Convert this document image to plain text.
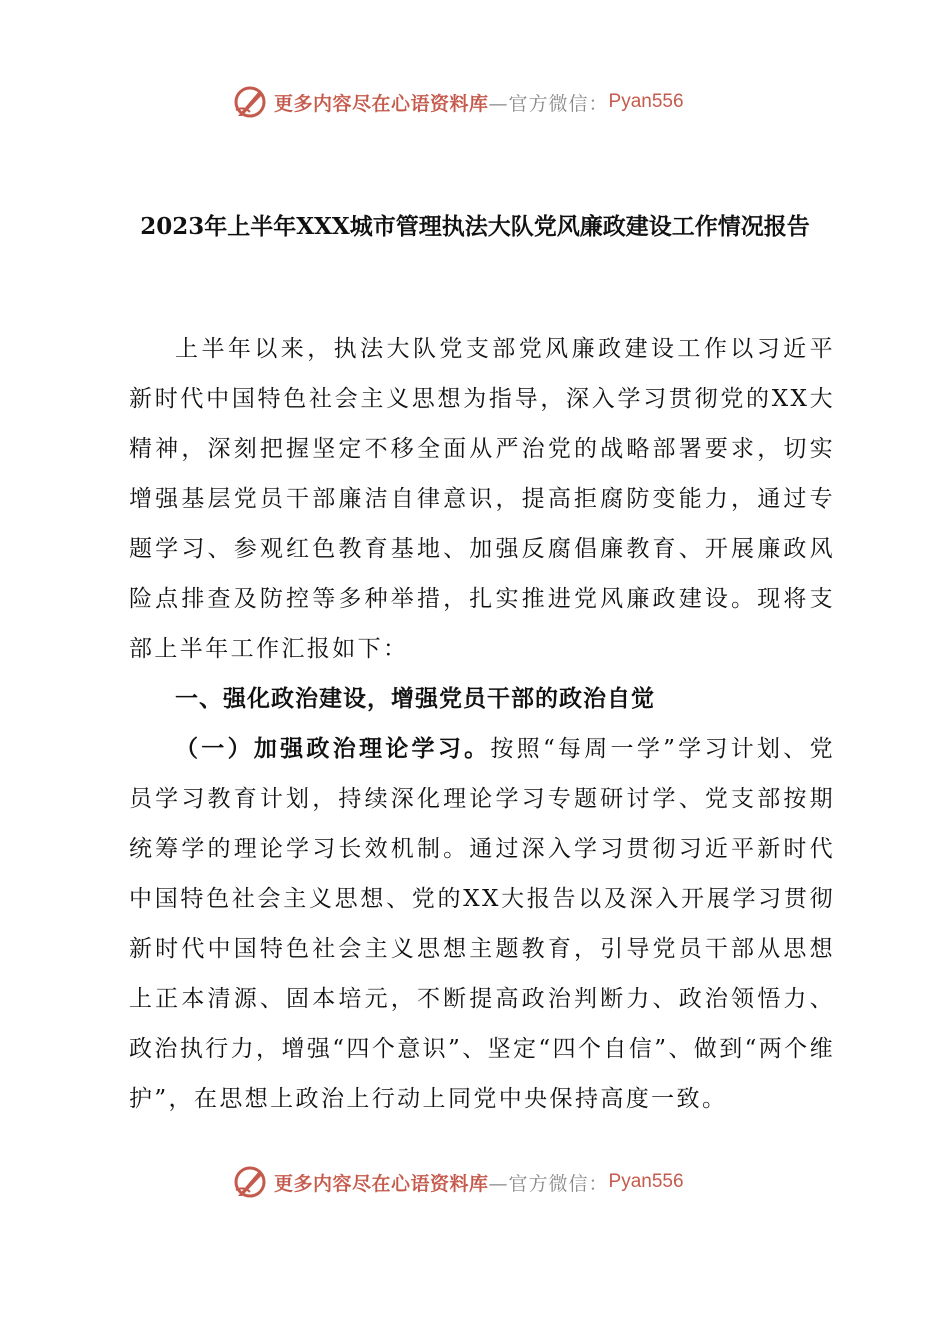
更多内容尽在心语资料库 —官方微信： Pyan556
2023年上半年XXX城市管理执法大队党风廉政建设工作情况报告

上半年以来，执法大队党支部党风廉政建设工作以习近平新时代中国特色社会主义思想为指导，深入学习贯彻党的XX大精神，深刻把握坚定不移全面从严治党的战略部署要求，切实增强基层党员干部廉洁自律意识，提高拒腐防变能力，通过专题学习、参观红色教育基地、加强反腐倡廉教育、开展廉政风险点排查及防控等多种举措，扎实推进党风廉政建设。现将支部上半年工作汇报如下：

一、强化政治建设，增强党员干部的政治自觉

（一）加强政治理论学习。按照“每周一学”学习计划、党员学习教育计划，持续深化理论学习专题研讨学、党支部按期统筹学的理论学习长效机制。通过深入学习贯彻习近平新时代中国特色社会主义思想、党的XX大报告以及深入开展学习贯彻新时代中国特色社会主义思想主题教育，引导党员干部从思想上正本清源、固本培元，不断提高政治判断力、政治领悟力、政治执行力，增强“四个意识”、坚定“四个自信”、做到“两个维护”，在思想上政治上行动上同党中央保持高度一致。

更多内容尽在心语资料库 —官方微信： Pyan556
